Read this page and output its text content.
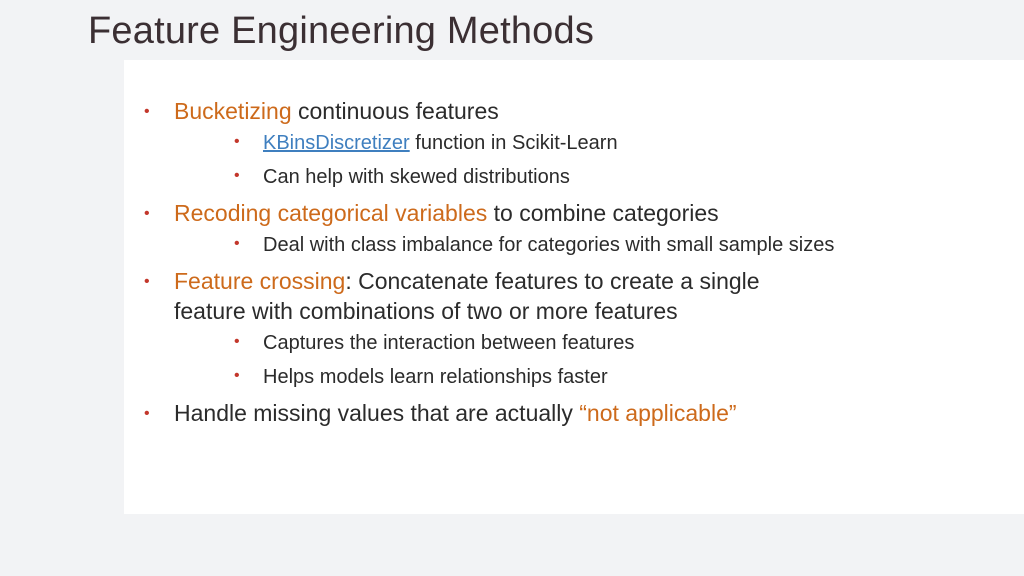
Feature Engineering Methods
• Bucketizing continuous features
• KBinsDiscretizer function in Scikit-Learn
• Can help with skewed distributions
• Recoding categorical variables to combine categories
• Deal with class imbalance for categories with small sample sizes
• Feature crossing: Concatenate features to create a single
feature with combinations of two or more features
• Captures the interaction between features
• Helps models learn relationships faster
• Handle missing values that are actually “not applicable”
